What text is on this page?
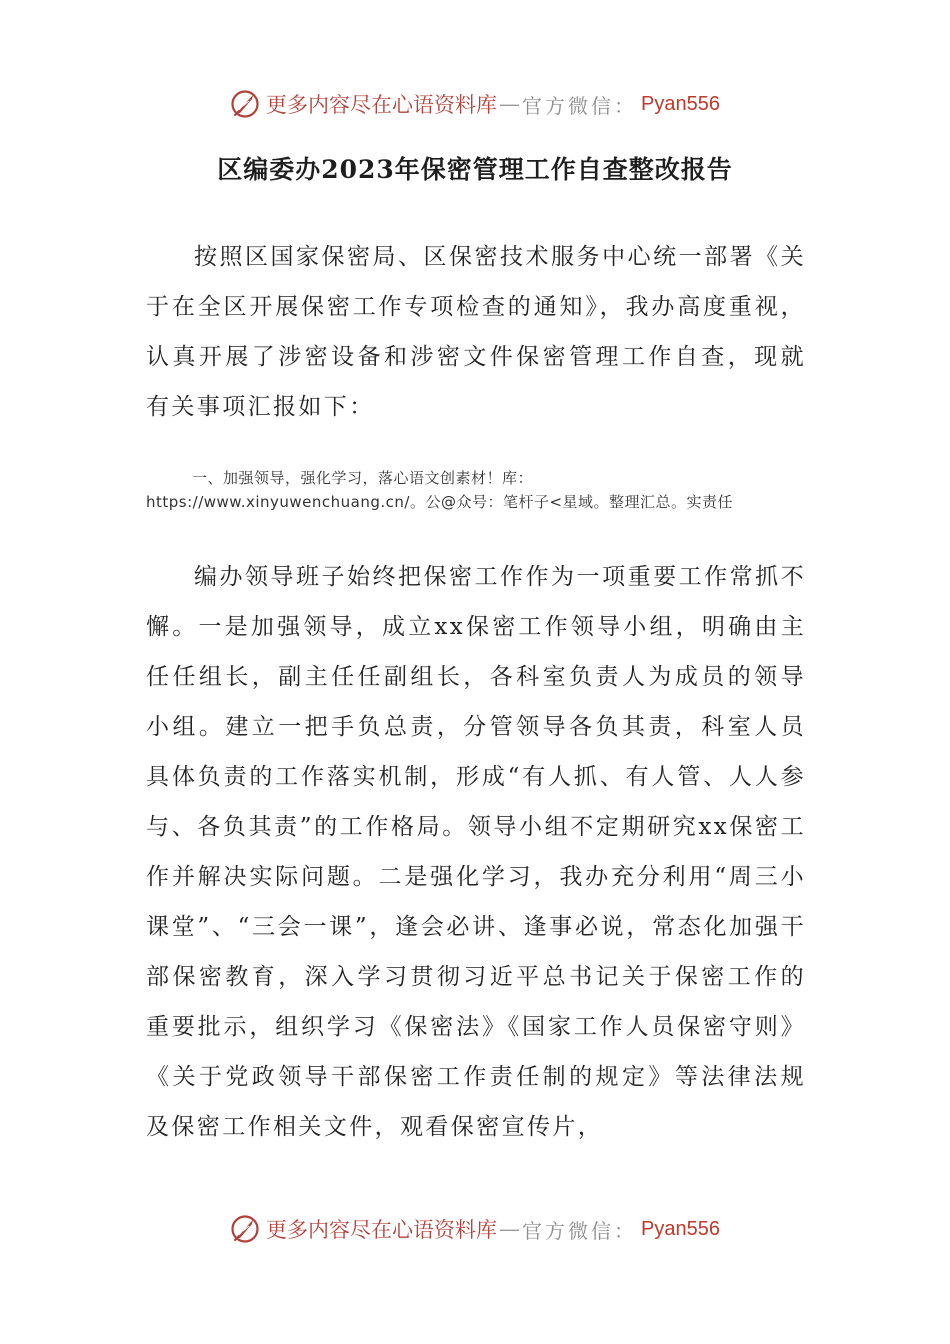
更多内容尽在心语资料库 — 官方微信： Pyan556
区编委办2023年保密管理工作自查整改报告

按照区国家保密局、区保密技术服务中心统一部署《关于在全区开展保密工作专项检查的通知》，我办高度重视，认真开展了涉密设备和涉密文件保密管理工作自查，现就有关事项汇报如下：

一、加强领导，强化学习，落心语文创素材！库：https://www.xinyuwenchuang.cn/。公@众号：笔杆子<星域。整理汇总。实责任

编办领导班子始终把保密工作作为一项重要工作常抓不懈。一是加强领导，成立xx保密工作领导小组，明确由主任任组长，副主任任副组长，各科室负责人为成员的领导小组。建立一把手负总责，分管领导各负其责，科室人员具体负责的工作落实机制，形成“有人抓、有人管、人人参与、各负其责”的工作格局。领导小组不定期研究xx保密工作并解决实际问题。二是强化学习，我办充分利用“周三小课堂”、“三会一课”，逢会必讲、逢事必说，常态化加强干部保密教育，深入学习贯彻习近平总书记关于保密工作的重要批示，组织学习《保密法》《国家工作人员保密守则》《关于党政领导干部保密工作责任制的规定》等法律法规及保密工作相关文件，观看保密宣传片，

更多内容尽在心语资料库 — 官方微信： Pyan556
